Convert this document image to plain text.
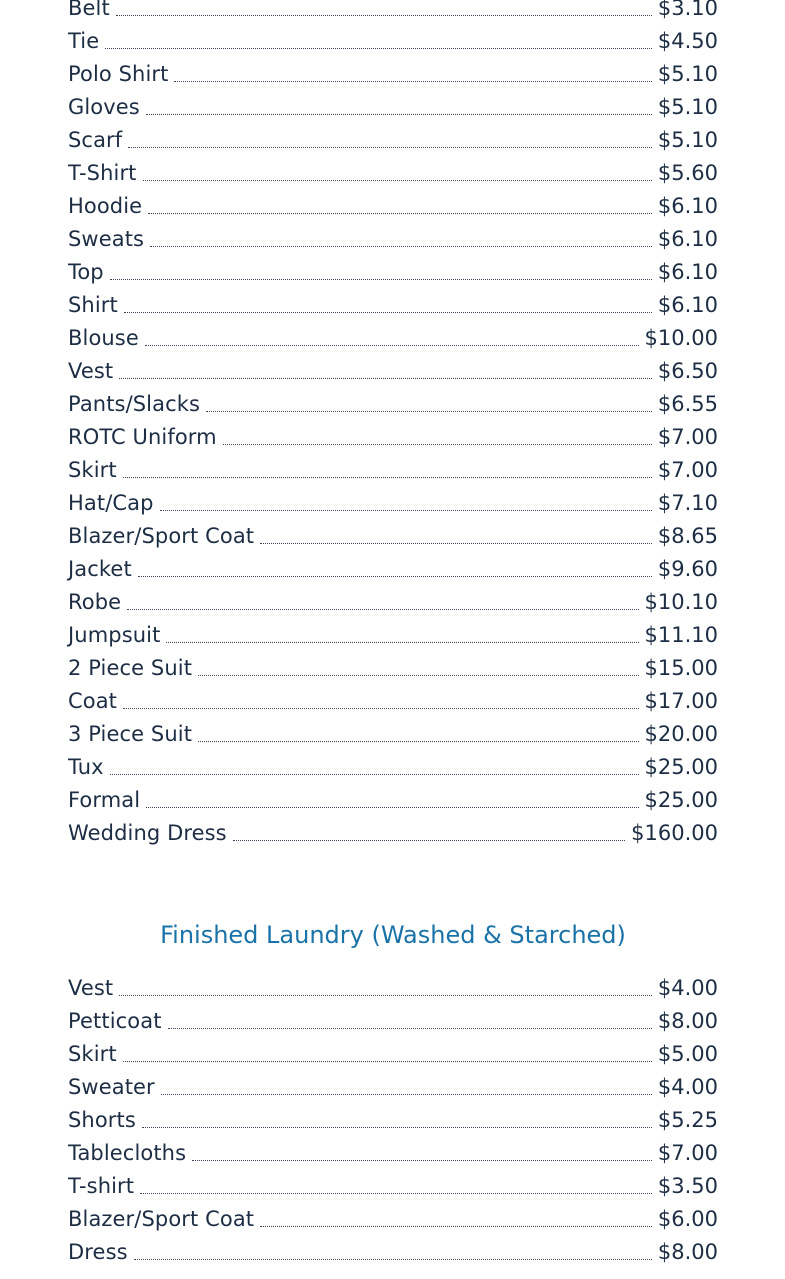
Belt	$3.10
Tie	$4.50
Polo Shirt	$5.10
Gloves	$5.10
Scarf	$5.10
T-Shirt	$5.60
Hoodie	$6.10
Sweats	$6.10
Top	$6.10
Shirt	$6.10
Blouse	$10.00
Vest	$6.50
Pants/Slacks	$6.55
ROTC Uniform	$7.00
Skirt	$7.00
Hat/Cap	$7.10
Blazer/Sport Coat	$8.65
Jacket	$9.60
Robe	$10.10
Jumpsuit	$11.10
2 Piece Suit	$15.00
Coat	$17.00
3 Piece Suit	$20.00
Tux	$25.00
Formal	$25.00
Wedding Dress	$160.00
Finished Laundry (Washed & Starched)
Vest	$4.00
Petticoat	$8.00
Skirt	$5.00
Sweater	$4.00
Shorts	$5.25
Tablecloths	$7.00
T-shirt	$3.50
Blazer/Sport Coat	$6.00
Dress	$8.00
